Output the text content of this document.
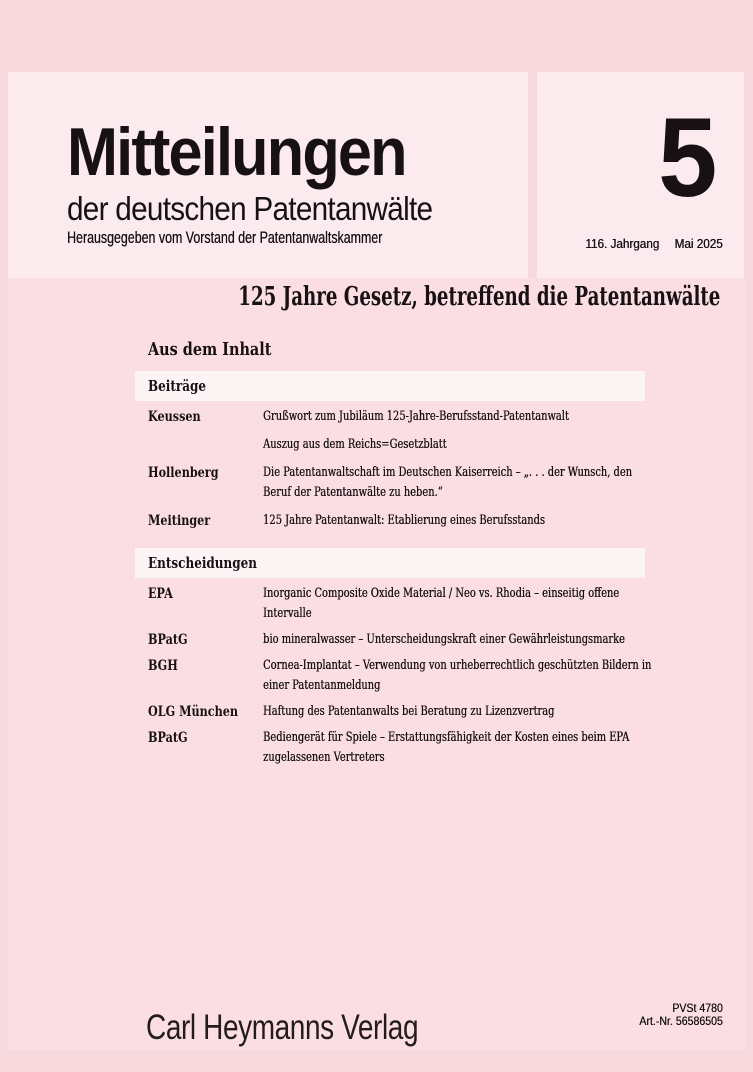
Mitteilungen
der deutschen Patentanwälte
Herausgegeben vom Vorstand der Patentanwaltskammer
5
116. Jahrgang Mai 2025
125 Jahre Gesetz, betreffend die Patentanwälte
Aus dem Inhalt
Beiträge
Keussen	Grußwort zum Jubiläum 125-Jahre-Berufsstand-Patentanwalt
Auszug aus dem Reichs=Gesetzblatt
Hollenberg	Die Patentanwaltschaft im Deutschen Kaiserreich – „. . . der Wunsch, den
Beruf der Patentanwälte zu heben.“
Meitinger	125 Jahre Patentanwalt: Etablierung eines Berufsstands
Entscheidungen
EPA	Inorganic Composite Oxide Material / Neo vs. Rhodia – einseitig offene
Intervalle
BPatG	bio mineralwasser – Unterscheidungskraft einer Gewährleistungsmarke
BGH	Cornea-Implantat – Verwendung von urheberrechtlich geschützten Bildern in
einer Patentanmeldung
OLG München	Haftung des Patentanwalts bei Beratung zu Lizenzvertrag
BPatG	Bediengerät für Spiele – Erstattungsfähigkeit der Kosten eines beim EPA
zugelassenen Vertreters
Carl Heymanns Verlag	PVSt 4780
Art.-Nr. 56586505
